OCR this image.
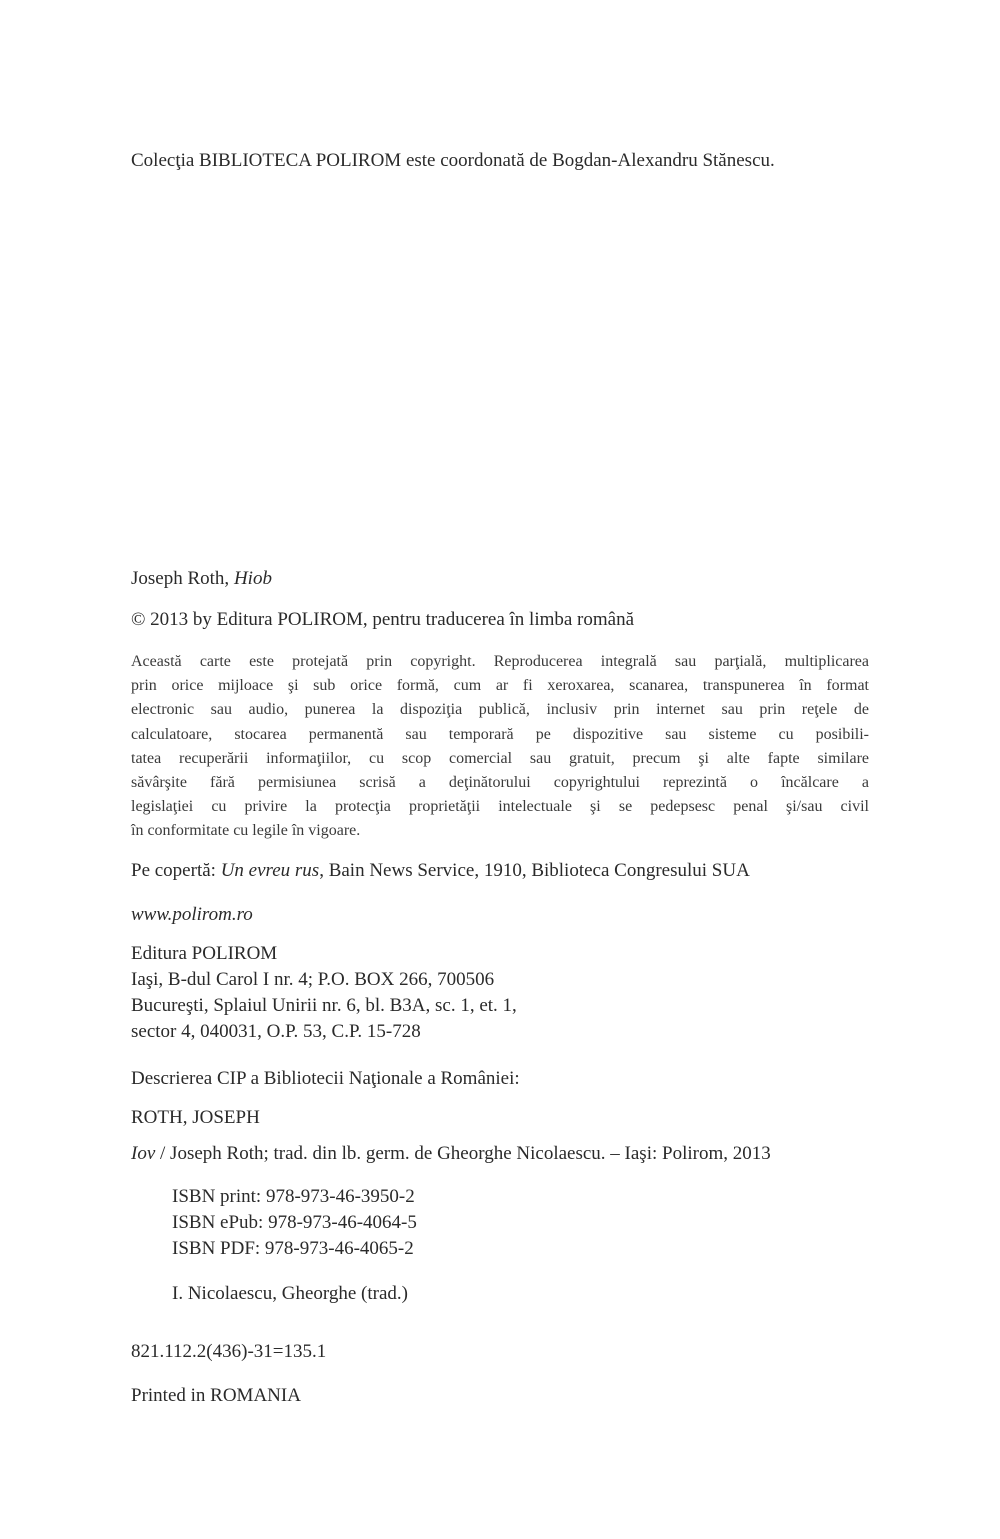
Colecţia BIBLIOTECA POLIROM este coordonată de Bogdan-Alexandru Stănescu.
Joseph Roth, Hiob
© 2013 by Editura POLIROM, pentru traducerea în limba română
Această carte este protejată prin copyright. Reproducerea integrală sau parţială, multiplicarea
prin orice mijloace şi sub orice formă, cum ar fi xeroxarea, scanarea, transpunerea în format
electronic sau audio, punerea la dispoziţia publică, inclusiv prin internet sau prin reţele de
calculatoare, stocarea permanentă sau temporară pe dispozitive sau sisteme cu posibili-
tatea recuperării informaţiilor, cu scop comercial sau gratuit, precum şi alte fapte similare
săvârşite fără permisiunea scrisă a deţinătorului copyrightului reprezintă o încălcare a
legislaţiei cu privire la protecţia proprietăţii intelectuale şi se pedepsesc penal şi/sau civil
în conformitate cu legile în vigoare.
Pe copertă: Un evreu rus, Bain News Service, 1910, Biblioteca Congresului SUA
www.polirom.ro
Editura POLIROM
Iaşi, B-dul Carol I nr. 4; P.O. BOX 266, 700506
Bucureşti, Splaiul Unirii nr. 6, bl. B3A, sc. 1, et. 1,
sector 4, 040031, O.P. 53, C.P. 15-728
Descrierea CIP a Bibliotecii Naţionale a României:
ROTH, JOSEPH
Iov / Joseph Roth; trad. din lb. germ. de Gheorghe Nicolaescu. – Iaşi: Polirom, 2013
ISBN print: 978-973-46-3950-2
ISBN ePub: 978-973-46-4064-5
ISBN PDF: 978-973-46-4065-2
I. Nicolaescu, Gheorghe (trad.)
821.112.2(436)-31=135.1
Printed in ROMANIA
